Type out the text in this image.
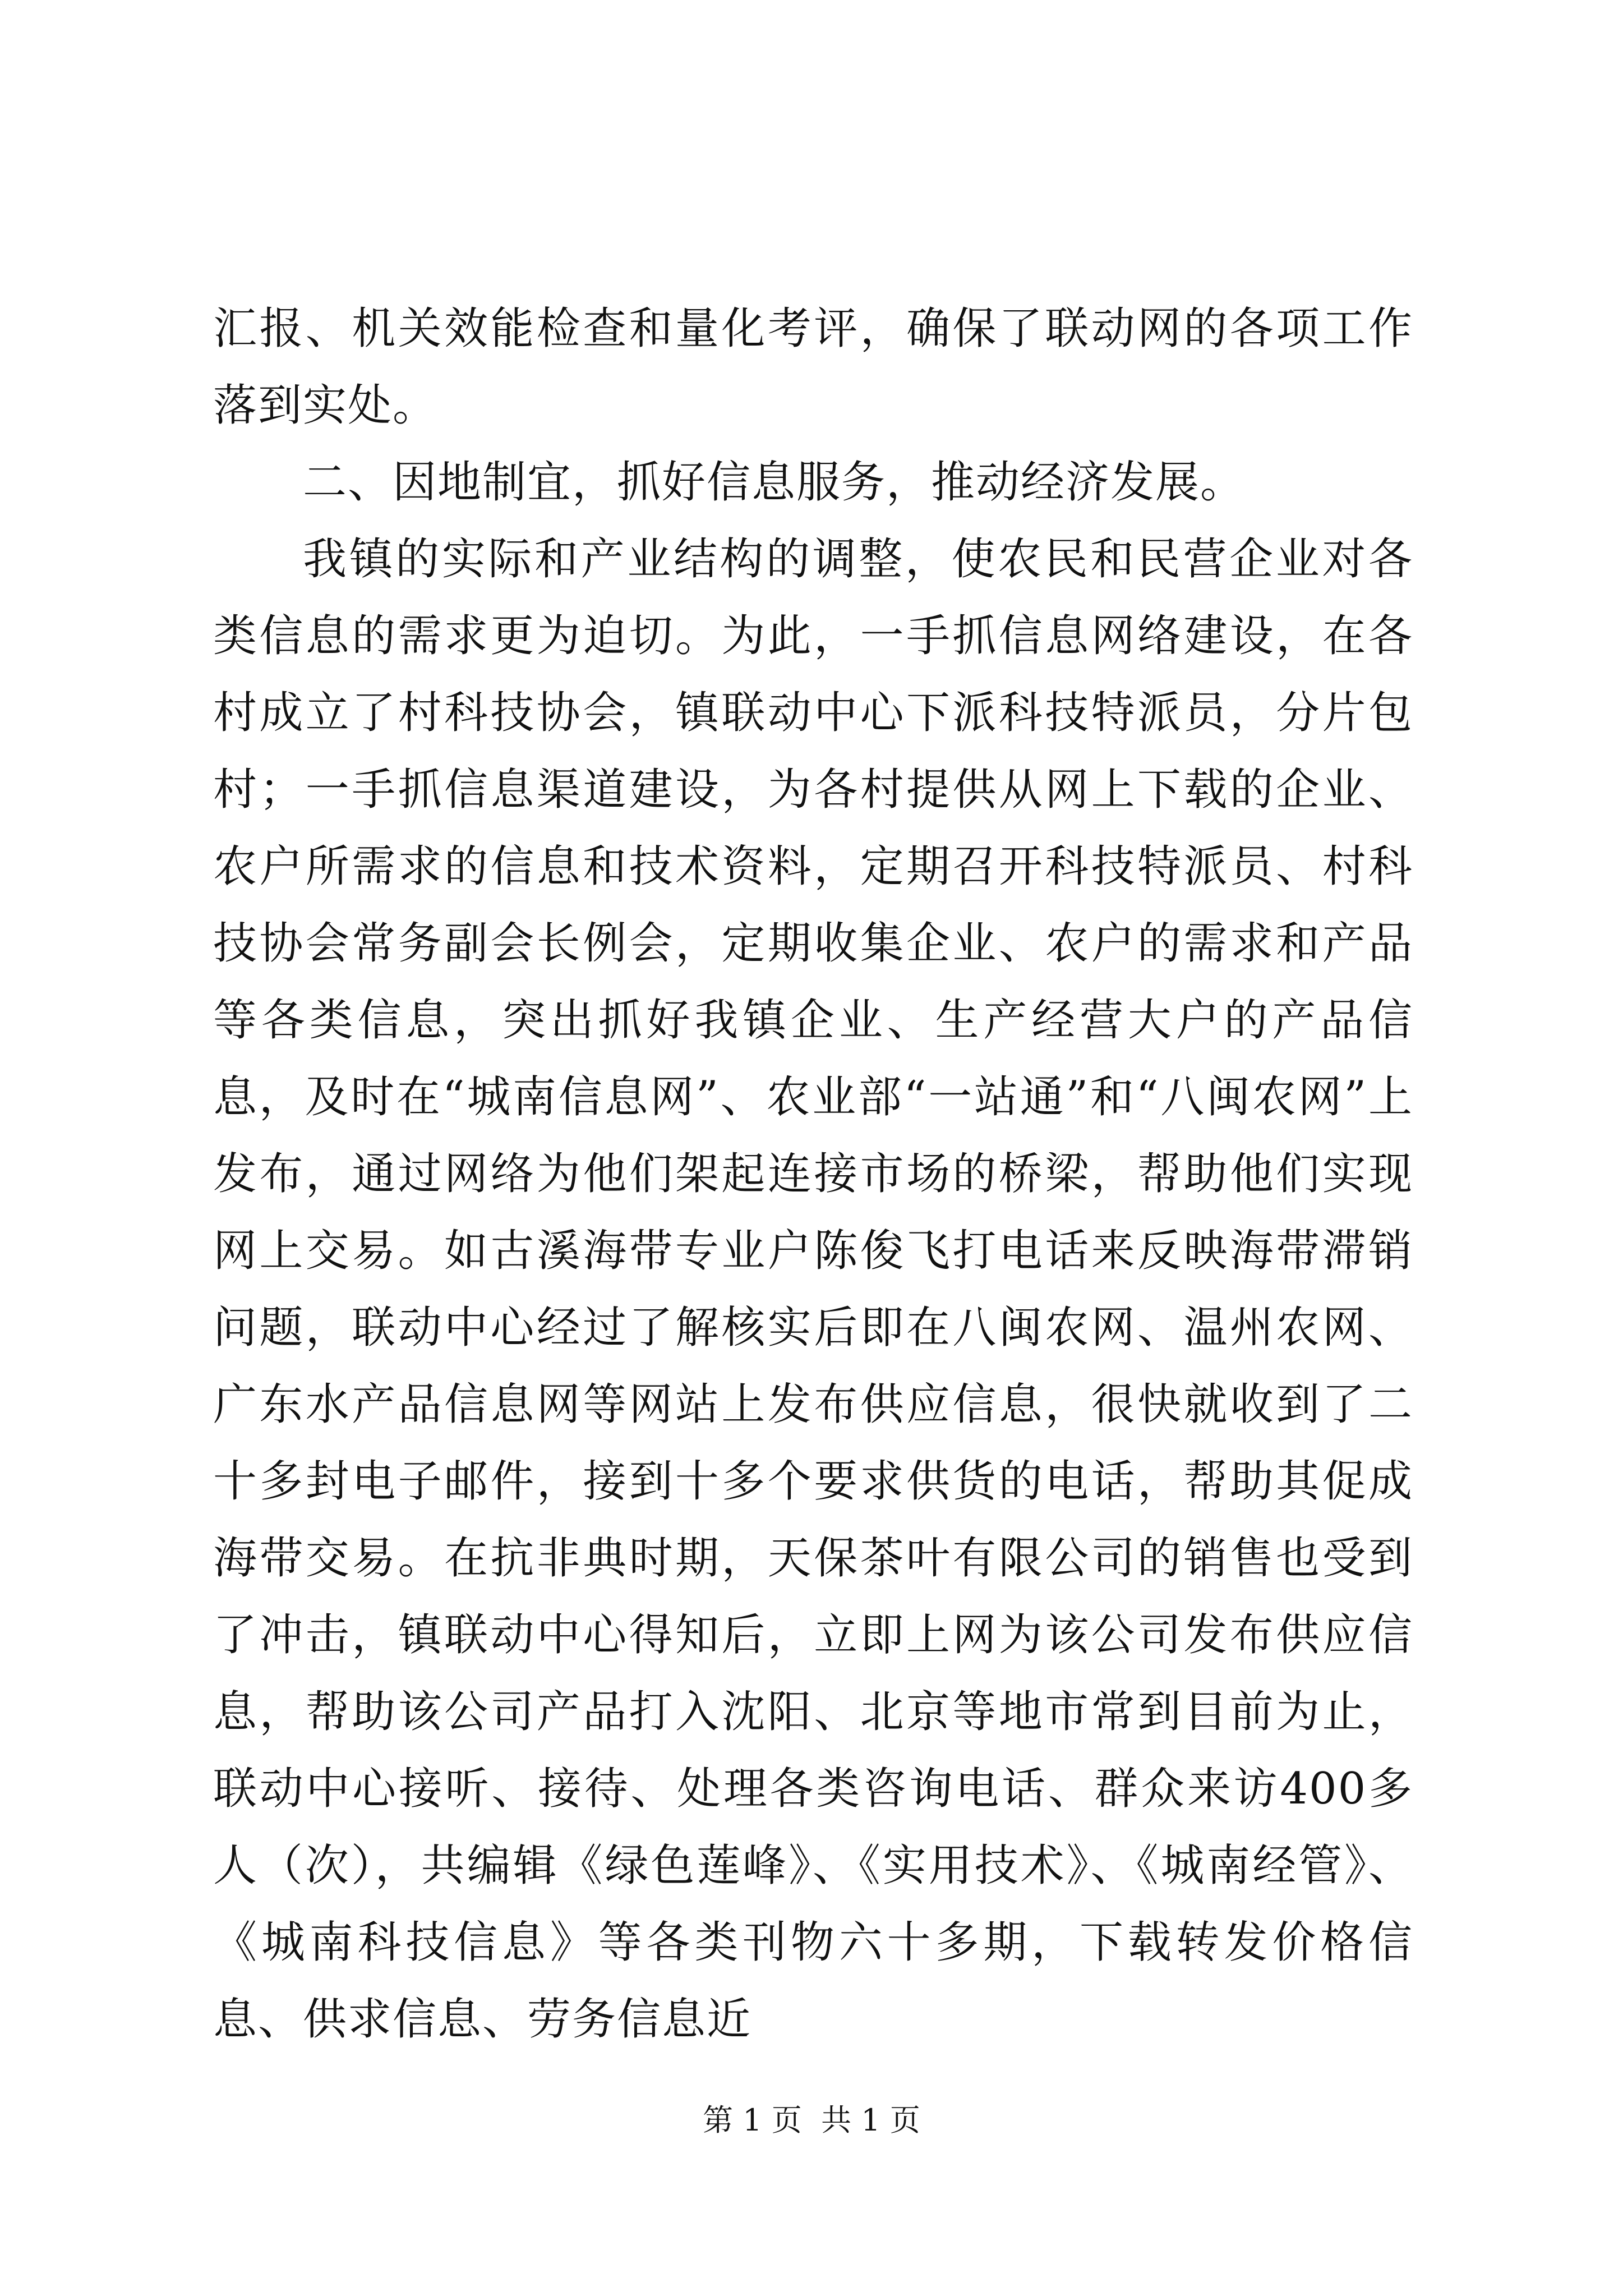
汇报、机关效能检查和量化考评，确保了联动网的各项工作落到实处。

二、因地制宜，抓好信息服务，推动经济发展。

我镇的实际和产业结构的调整，使农民和民营企业对各类信息的需求更为迫切。为此，一手抓信息网络建设，在各村成立了村科技协会，镇联动中心下派科技特派员，分片包村；一手抓信息渠道建设，为各村提供从网上下载的企业、农户所需求的信息和技术资料，定期召开科技特派员、村科技协会常务副会长例会，定期收集企业、农户的需求和产品等各类信息，突出抓好我镇企业、生产经营大户的产品信息，及时在“城南信息网”、农业部“一站通”和“八闽农网”上发布，通过网络为他们架起连接市场的桥梁，帮助他们实现网上交易。如古溪海带专业户陈俊飞打电话来反映海带滞销问题，联动中心经过了解核实后即在八闽农网、温州农网、广东水产品信息网等网站上发布供应信息，很快就收到了二十多封电子邮件，接到十多个要求供货的电话，帮助其促成海带交易。在抗非典时期，天保茶叶有限公司的销售也受到了冲击，镇联动中心得知后，立即上网为该公司发布供应信息，帮助该公司产品打入沈阳、北京等地市常到目前为止，联动中心接听、接待、处理各类咨询电话、群众来访400多人（次），共编辑《绿色莲峰》、《实用技术》、《城南经管》、《城南科技信息》等各类刊物六十多期，下载转发价格信息、供求信息、劳务信息近

第 1 页  共 1 页
